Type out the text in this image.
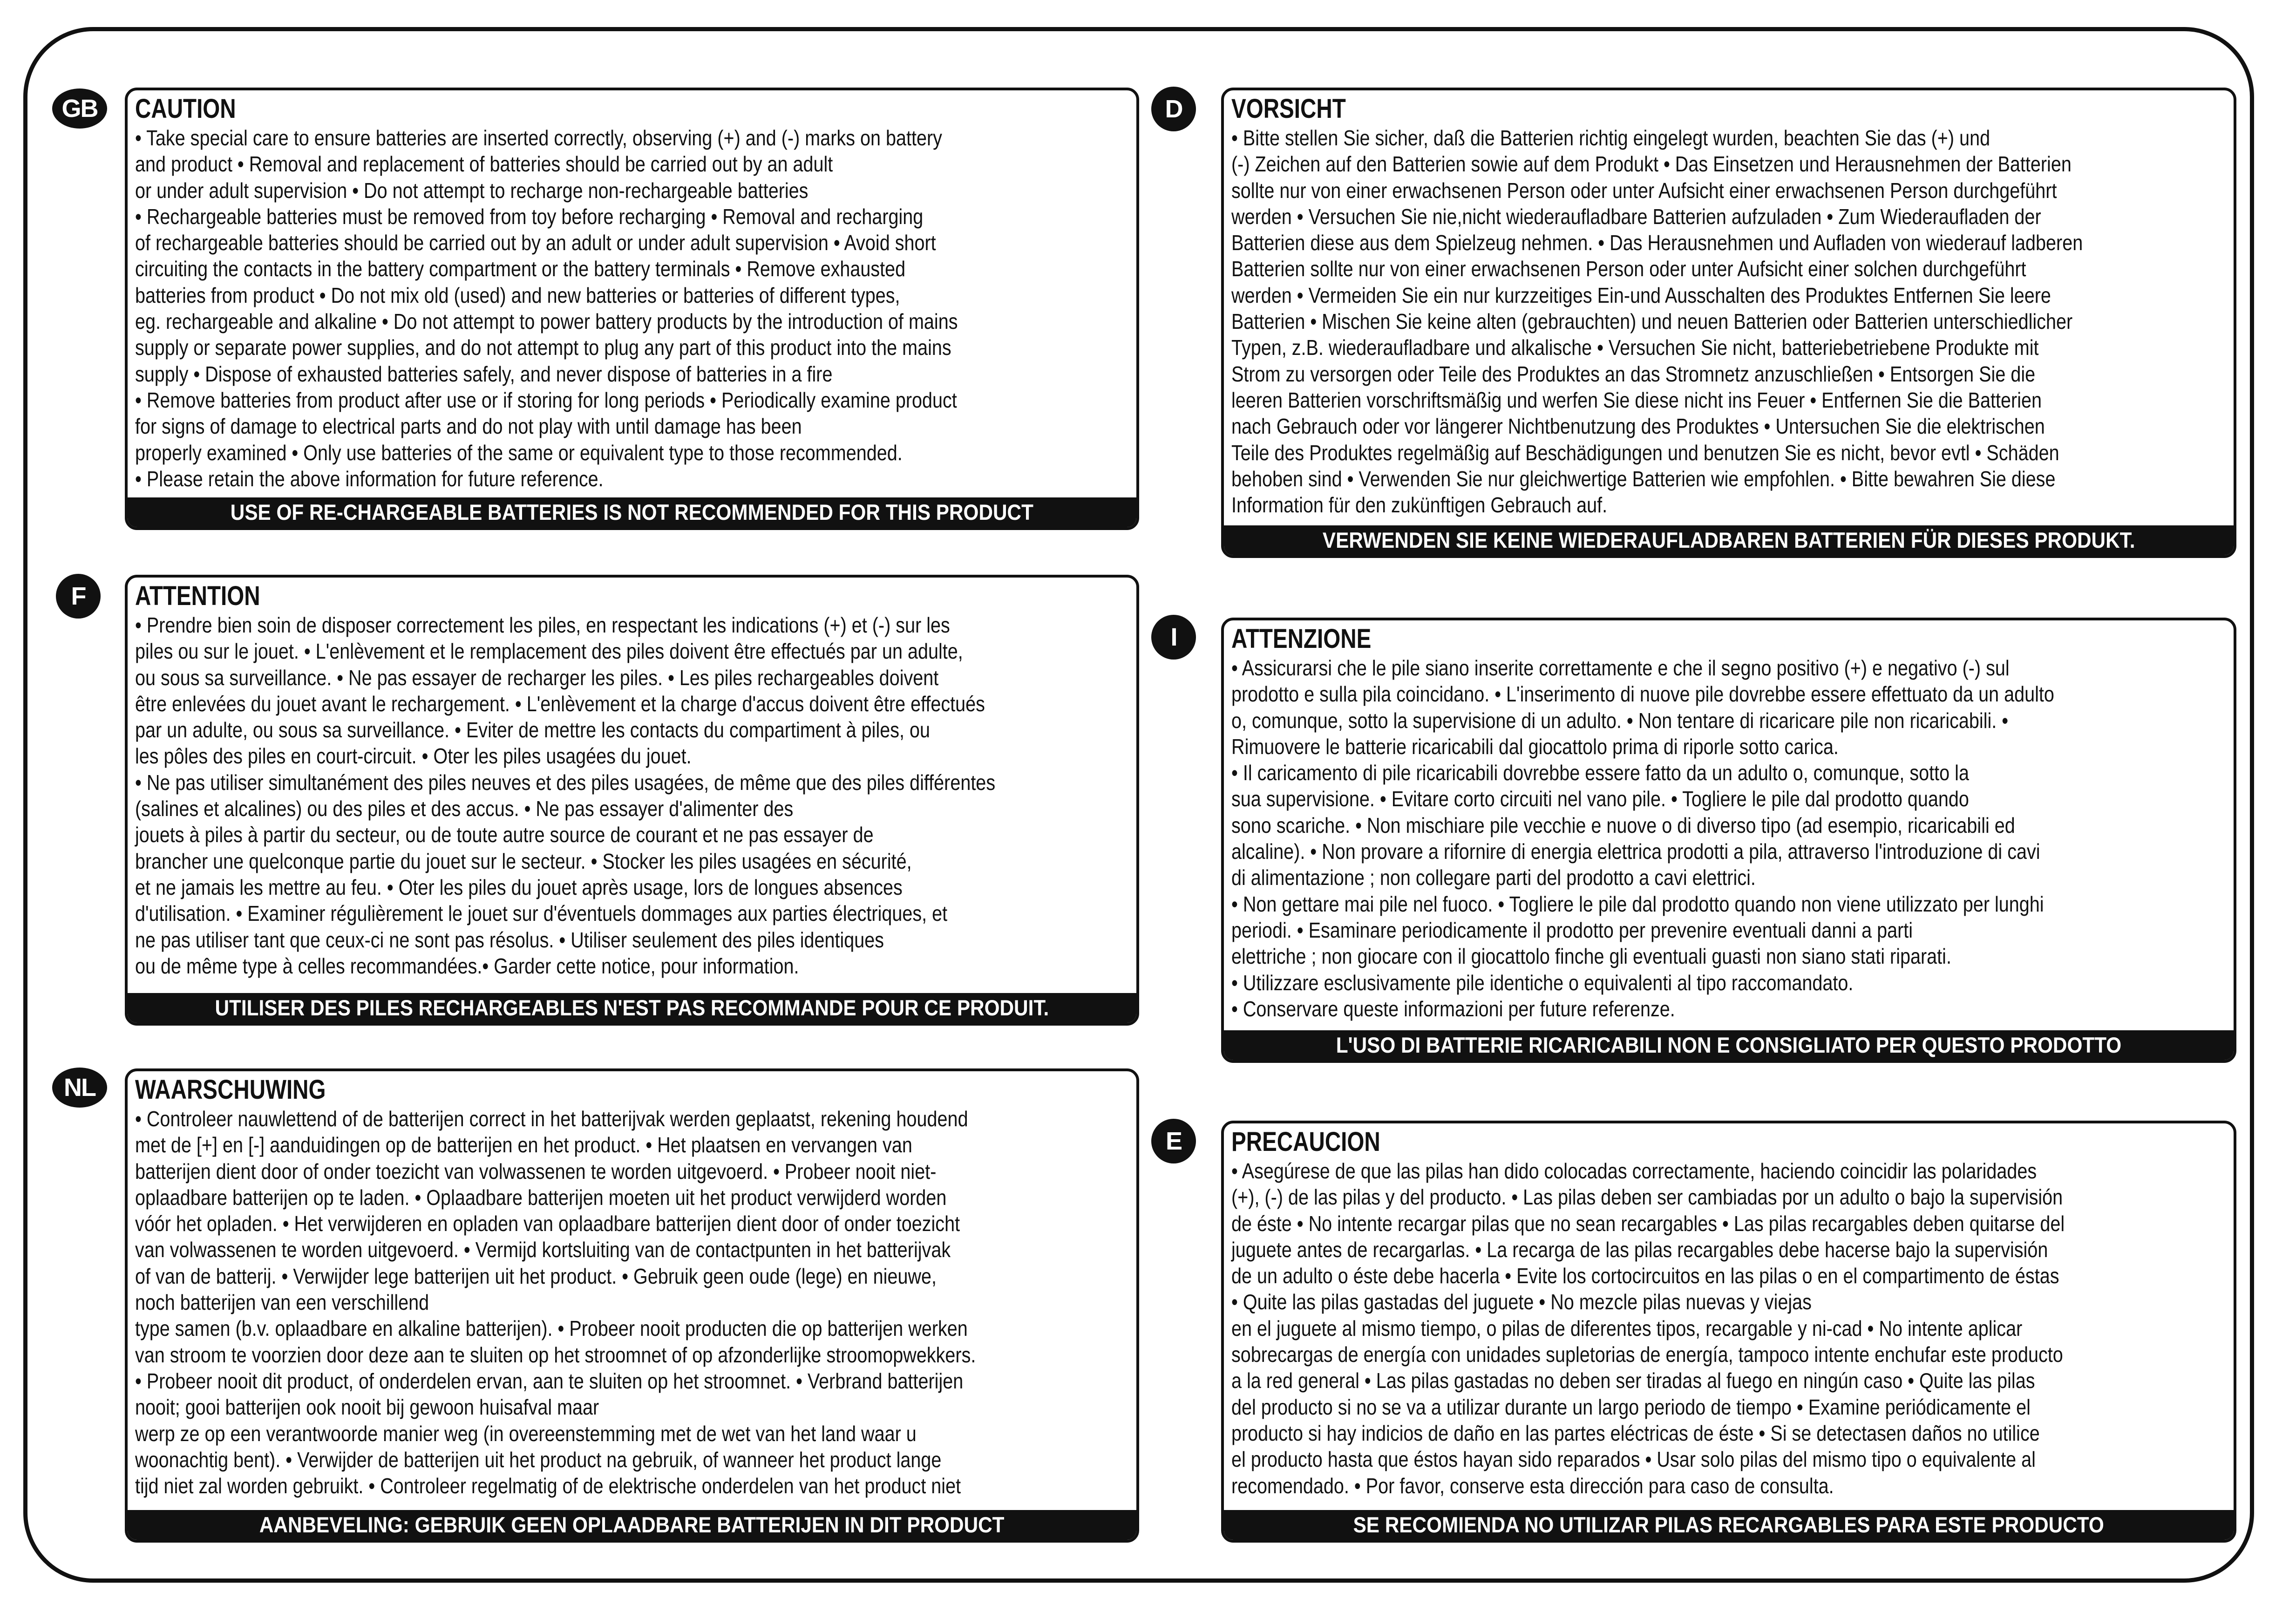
GB	CAUTION
• Take special care to ensure batteries are inserted correctly, observing (+) and (-) marks on battery
and product • Removal and replacement of batteries should be carried out by an adult
or under adult supervision • Do not attempt to recharge non-rechargeable batteries
• Rechargeable batteries must be removed from toy before recharging • Removal and recharging
of rechargeable batteries should be carried out by an adult or under adult supervision • Avoid short
circuiting the contacts in the battery compartment or the battery terminals • Remove exhausted
batteries from product • Do not mix old (used) and new batteries or batteries of different types,
eg. rechargeable and alkaline • Do not attempt to power battery products by the introduction of mains
supply or separate power supplies, and do not attempt to plug any part of this product into the mains
supply • Dispose of exhausted batteries safely, and never dispose of batteries in a fire
• Remove batteries from product after use or if storing for long periods • Periodically examine product
for signs of damage to electrical parts and do not play with until damage has been
properly examined • Only use batteries of the same or equivalent type to those recommended.
• Please retain the above information for future reference.
USE OF RE-CHARGEABLE BATTERIES IS NOT RECOMMENDED FOR THIS PRODUCT
F	ATTENTION
• Prendre bien soin de disposer correctement les piles, en respectant les indications (+) et (-) sur les
piles ou sur le jouet. • L'enlèvement et le remplacement des piles doivent être effectués par un adulte,
ou sous sa surveillance. • Ne pas essayer de recharger les piles. • Les piles rechargeables doivent
être enlevées du jouet avant le rechargement. • L'enlèvement et la charge d'accus doivent être effectués
par un adulte, ou sous sa surveillance. • Eviter de mettre les contacts du compartiment à piles, ou
les pôles des piles en court-circuit. • Oter les piles usagées du jouet.
• Ne pas utiliser simultanément des piles neuves et des piles usagées, de même que des piles différentes
(salines et alcalines) ou des piles et des accus. • Ne pas essayer d'alimenter des
jouets à piles à partir du secteur, ou de toute autre source de courant et ne pas essayer de
brancher une quelconque partie du jouet sur le secteur. • Stocker les piles usagées en sécurité,
et ne jamais les mettre au feu. • Oter les piles du jouet après usage, lors de longues absences
d'utilisation. • Examiner régulièrement le jouet sur d'éventuels dommages aux parties électriques, et
ne pas utiliser tant que ceux-ci ne sont pas résolus. • Utiliser seulement des piles identiques
ou de même type à celles recommandées.• Garder cette notice, pour information.
UTILISER DES PILES RECHARGEABLES N'EST PAS RECOMMANDE POUR CE PRODUIT.
NL	WAARSCHUWING
• Controleer nauwlettend of de batterijen correct in het batterijvak werden geplaatst, rekening houdend
met de [+] en [-] aanduidingen op de batterijen en het product. • Het plaatsen en vervangen van
batterijen dient door of onder toezicht van volwassenen te worden uitgevoerd. • Probeer nooit niet-
oplaadbare batterijen op te laden. • Oplaadbare batterijen moeten uit het product verwijderd worden
vóór het opladen. • Het verwijderen en opladen van oplaadbare batterijen dient door of onder toezicht
van volwassenen te worden uitgevoerd. • Vermijd kortsluiting van de contactpunten in het batterijvak
of van de batterij. • Verwijder lege batterijen uit het product. • Gebruik geen oude (lege) en nieuwe,
noch batterijen van een verschillend
type samen (b.v. oplaadbare en alkaline batterijen). • Probeer nooit producten die op batterijen werken
van stroom te voorzien door deze aan te sluiten op het stroomnet of op afzonderlijke stroomopwekkers.
• Probeer nooit dit product, of onderdelen ervan, aan te sluiten op het stroomnet. • Verbrand batterijen
nooit; gooi batterijen ook nooit bij gewoon huisafval maar
werp ze op een verantwoorde manier weg (in overeenstemming met de wet van het land waar u
woonachtig bent). • Verwijder de batterijen uit het product na gebruik, of wanneer het product lange
tijd niet zal worden gebruikt. • Controleer regelmatig of de elektrische onderdelen van het product niet
AANBEVELING: GEBRUIK GEEN OPLAADBARE BATTERIJEN IN DIT PRODUCT
D	VORSICHT
• Bitte stellen Sie sicher, daß die Batterien richtig eingelegt wurden, beachten Sie das (+) und
(-) Zeichen auf den Batterien sowie auf dem Produkt • Das Einsetzen und Herausnehmen der Batterien
sollte nur von einer erwachsenen Person oder unter Aufsicht einer erwachsenen Person durchgeführt
werden • Versuchen Sie nie,nicht wiederaufladbare Batterien aufzuladen • Zum Wiederaufladen der
Batterien diese aus dem Spielzeug nehmen. • Das Herausnehmen und Aufladen von wiederauf ladberen
Batterien sollte nur von einer erwachsenen Person oder unter Aufsicht einer solchen durchgeführt
werden • Vermeiden Sie ein nur kurzzeitiges Ein-und Ausschalten des Produktes Entfernen Sie leere
Batterien • Mischen Sie keine alten (gebrauchten) und neuen Batterien oder Batterien unterschiedlicher
Typen, z.B. wiederaufladbare und alkalische • Versuchen Sie nicht, batteriebetriebene Produkte mit
Strom zu versorgen oder Teile des Produktes an das Stromnetz anzuschließen • Entsorgen Sie die
leeren Batterien vorschriftsmäßig und werfen Sie diese nicht ins Feuer • Entfernen Sie die Batterien
nach Gebrauch oder vor längerer Nichtbenutzung des Produktes • Untersuchen Sie die elektrischen
Teile des Produktes regelmäßig auf Beschädigungen und benutzen Sie es nicht, bevor evtl • Schäden
behoben sind • Verwenden Sie nur gleichwertige Batterien wie empfohlen. • Bitte bewahren Sie diese
Information für den zukünftigen Gebrauch auf.
VERWENDEN SIE KEINE WIEDERAUFLADBAREN BATTERIEN FÜR DIESES PRODUKT.
I	ATTENZIONE
• Assicurarsi che le pile siano inserite correttamente e che il segno positivo (+) e negativo (-) sul
prodotto e sulla pila coincidano. • L'inserimento di nuove pile dovrebbe essere effettuato da un adulto
o, comunque, sotto la supervisione di un adulto. • Non tentare di ricaricare pile non ricaricabili. •
Rimuovere le batterie ricaricabili dal giocattolo prima di riporle sotto carica.
• Il caricamento di pile ricaricabili dovrebbe essere fatto da un adulto o, comunque, sotto la
sua supervisione. • Evitare corto circuiti nel vano pile. • Togliere le pile dal prodotto quando
sono scariche. • Non mischiare pile vecchie e nuove o di diverso tipo (ad esempio, ricaricabili ed
alcaline). • Non provare a rifornire di energia elettrica prodotti a pila, attraverso l'introduzione di cavi
di alimentazione ; non collegare parti del prodotto a cavi elettrici.
• Non gettare mai pile nel fuoco. • Togliere le pile dal prodotto quando non viene utilizzato per lunghi
periodi. • Esaminare periodicamente il prodotto per prevenire eventuali danni a parti
elettriche ; non giocare con il giocattolo finche gli eventuali guasti non siano stati riparati.
• Utilizzare esclusivamente pile identiche o equivalenti al tipo raccomandato.
• Conservare queste informazioni per future referenze.
L'USO DI BATTERIE RICARICABILI NON E CONSIGLIATO PER QUESTO PRODOTTO
E	PRECAUCION
• Asegúrese de que las pilas han dido colocadas correctamente, haciendo coincidir las polaridades
(+), (-) de las pilas y del producto. • Las pilas deben ser cambiadas por un adulto o bajo la supervisión
de éste • No intente recargar pilas que no sean recargables • Las pilas recargables deben quitarse del
juguete antes de recargarlas. • La recarga de las pilas recargables debe hacerse bajo la supervisión
de un adulto o éste debe hacerla • Evite los cortocircuitos en las pilas o en el compartimento de éstas
• Quite las pilas gastadas del juguete • No mezcle pilas nuevas y viejas
en el juguete al mismo tiempo, o pilas de diferentes tipos, recargable y ni-cad • No intente aplicar
sobrecargas de energía con unidades supletorias de energía, tampoco intente enchufar este producto
a la red general • Las pilas gastadas no deben ser tiradas al fuego en ningún caso • Quite las pilas
del producto si no se va a utilizar durante un largo periodo de tiempo • Examine periódicamente el
producto si hay indicios de daño en las partes eléctricas de éste • Si se detectasen daños no utilice
el producto hasta que éstos hayan sido reparados • Usar solo pilas del mismo tipo o equivalente al
recomendado. • Por favor, conserve esta dirección para caso de consulta.
SE RECOMIENDA NO UTILIZAR PILAS RECARGABLES PARA ESTE PRODUCTO
